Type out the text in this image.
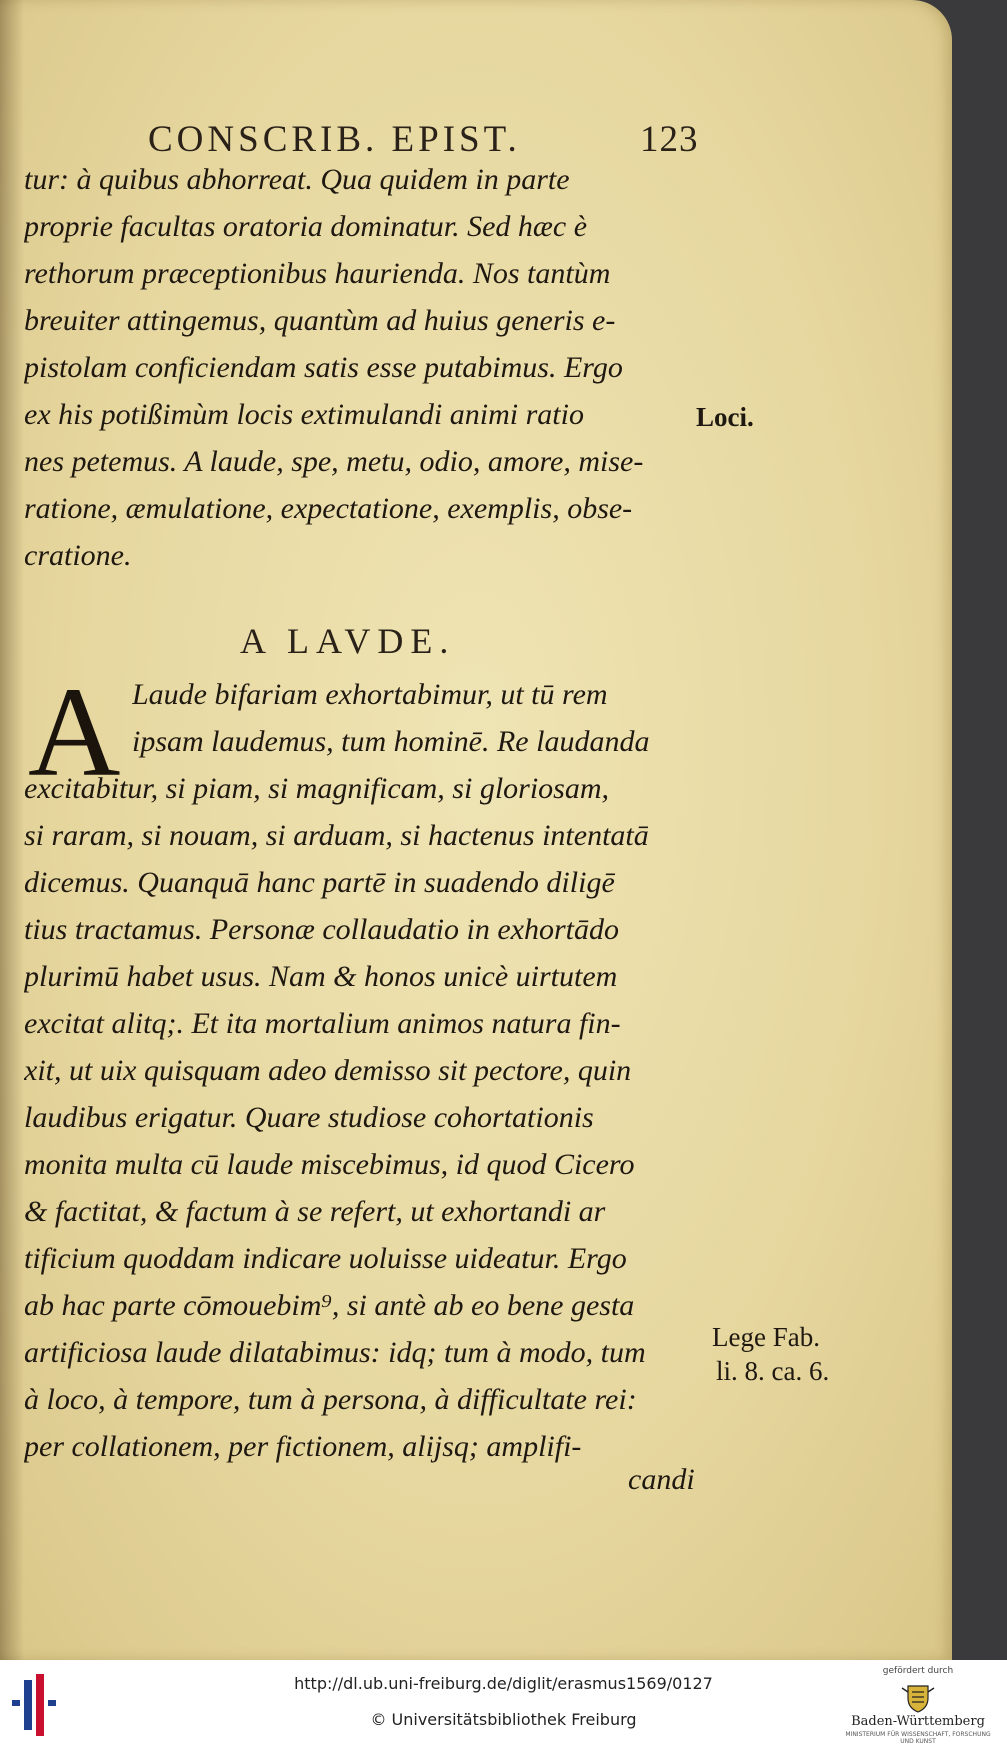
CONSCRIB. EPIST.	123
tur: à quibus abhorreat. Qua quidem in parte
proprie facultas oratoria dominatur. Sed hæc è
rethorum præceptionibus haurienda. Nos tantùm
breuiter attingemus, quantùm ad huius generis e-
pistolam conficiendam satis esse putabimus. Ergo
ex his potißimùm locis extimulandi animi ratio
nes petemus. A laude, spe, metu, odio, amore, mise-
ratione, æmulatione, expectatione, exemplis, obse-
cratione.
Loci.
A LAVDE.
A Laude bifariam exhortabimur, ut tū rem
ipsam laudemus, tum hominē. Re laudanda
excitabitur, si piam, si magnificam, si gloriosam,
si raram, si nouam, si arduam, si hactenus intentatā
dicemus. Quanquā hanc partē in suadendo diligē
tius tractamus. Personæ collaudatio in exhortādo
plurimū habet usus. Nam & honos unicè uirtutem
excitat alitq;. Et ita mortalium animos natura fin-
xit, ut uix quisquam adeo demisso sit pectore, quin
laudibus erigatur. Quare studiose cohortationis
monita multa cū laude miscebimus, id quod Cicero
& factitat, & factum à se refert, ut exhortandi ar
tificium quoddam indicare uoluisse uideatur. Ergo
ab hac parte cōmouebim⁹, si antè ab eo bene gesta
artificiosa laude dilatabimus: idq; tum à modo, tum
à loco, à tempore, tum à persona, à difficultate rei:
per collationem, per fictionem, alijsq; amplifi-
Lege Fab.
li. 8. ca. 6.
candi
http://dl.ub.uni-freiburg.de/diglit/erasmus1569/0127
© Universitätsbibliothek Freiburg
gefördert durch
Baden-Württemberg
MINISTERIUM FÜR WISSENSCHAFT, FORSCHUNG UND KUNST
